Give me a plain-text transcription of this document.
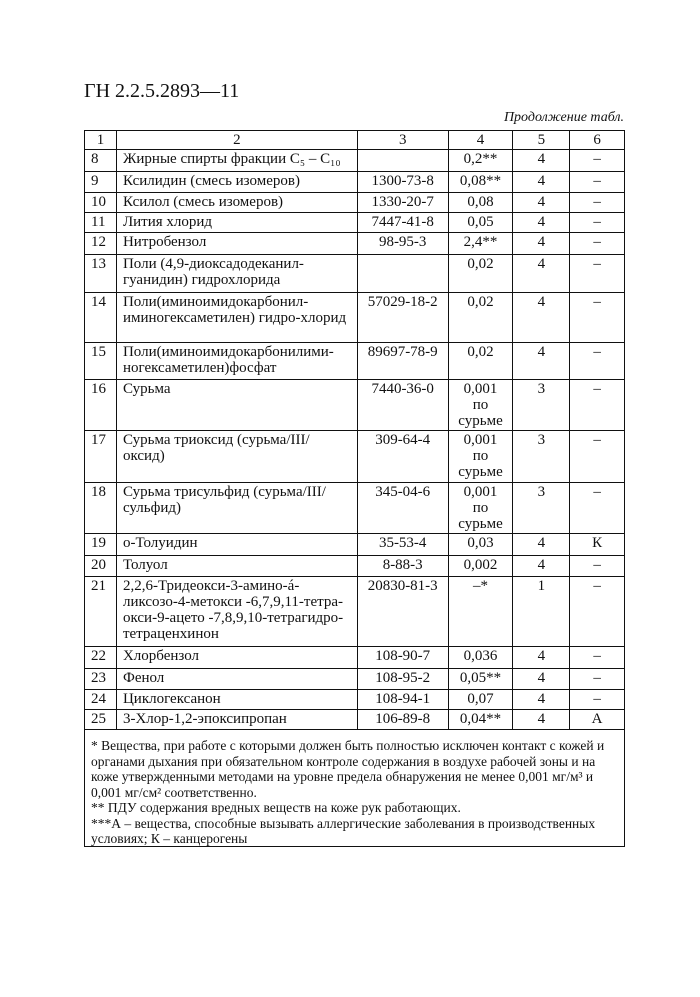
ГН 2.2.5.2893—11
Продолжение табл.
1	2	3	4	5	6
8	Жирные спирты фракции C₅ – C₁₀		0,2**	4	–
9	Ксилидин (смесь изомеров)	1300-73-8	0,08**	4	–
10	Ксилол (смесь изомеров)	1330-20-7	0,08	4	–
11	Лития хлорид	7447-41-8	0,05	4	–
12	Нитробензол	98-95-3	2,4**	4	–
13	Поли (4,9-диоксадодеканил-гуанидин) гидрохлорида		0,02	4	–
14	Поли(иминоимидокарбонил-иминогексаметилен) гидро-хлорид	57029-18-2	0,02	4	–
15	Поли(иминоимидокарбонилими-ногексаметилен)фосфат	89697-78-9	0,02	4	–
16	Сурьма	7440-36-0	0,001 по сурьме	3	–
17	Сурьма триоксид (сурьма/III/оксид)	309-64-4	0,001 по сурьме	3	–
18	Сурьма трисульфид (сурьма/III/сульфид)	345-04-6	0,001 по сурьме	3	–
19	о-Толуидин	35-53-4	0,03	4	К
20	Толуол	8-88-3	0,002	4	–
21	2,2,6-Тридеокси-3-амино-á-ликсозо-4-метокси -6,7,9,11-тетра-окси-9-ацето -7,8,9,10-тетрагидро-тетраценхинон	20830-81-3	–*	1	–
22	Хлорбензол	108-90-7	0,036	4	–
23	Фенол	108-95-2	0,05**	4	–
24	Циклогексанон	108-94-1	0,07	4	–
25	3-Хлор-1,2-эпоксипропан	106-89-8	0,04**	4	А
* Вещества, при работе с которыми должен быть полностью исключен контакт с кожей и органами дыхания при обязательном контроле содержания в воздухе рабочей зоны и на коже утвержденными методами на уровне предела обнаружения не менее 0,001 мг/м³ и 0,001 мг/см² соответственно.
** ПДУ содержания вредных веществ на коже рук работающих.
***А – вещества, способные вызывать аллергические заболевания в производственных условиях; К – канцерогены
